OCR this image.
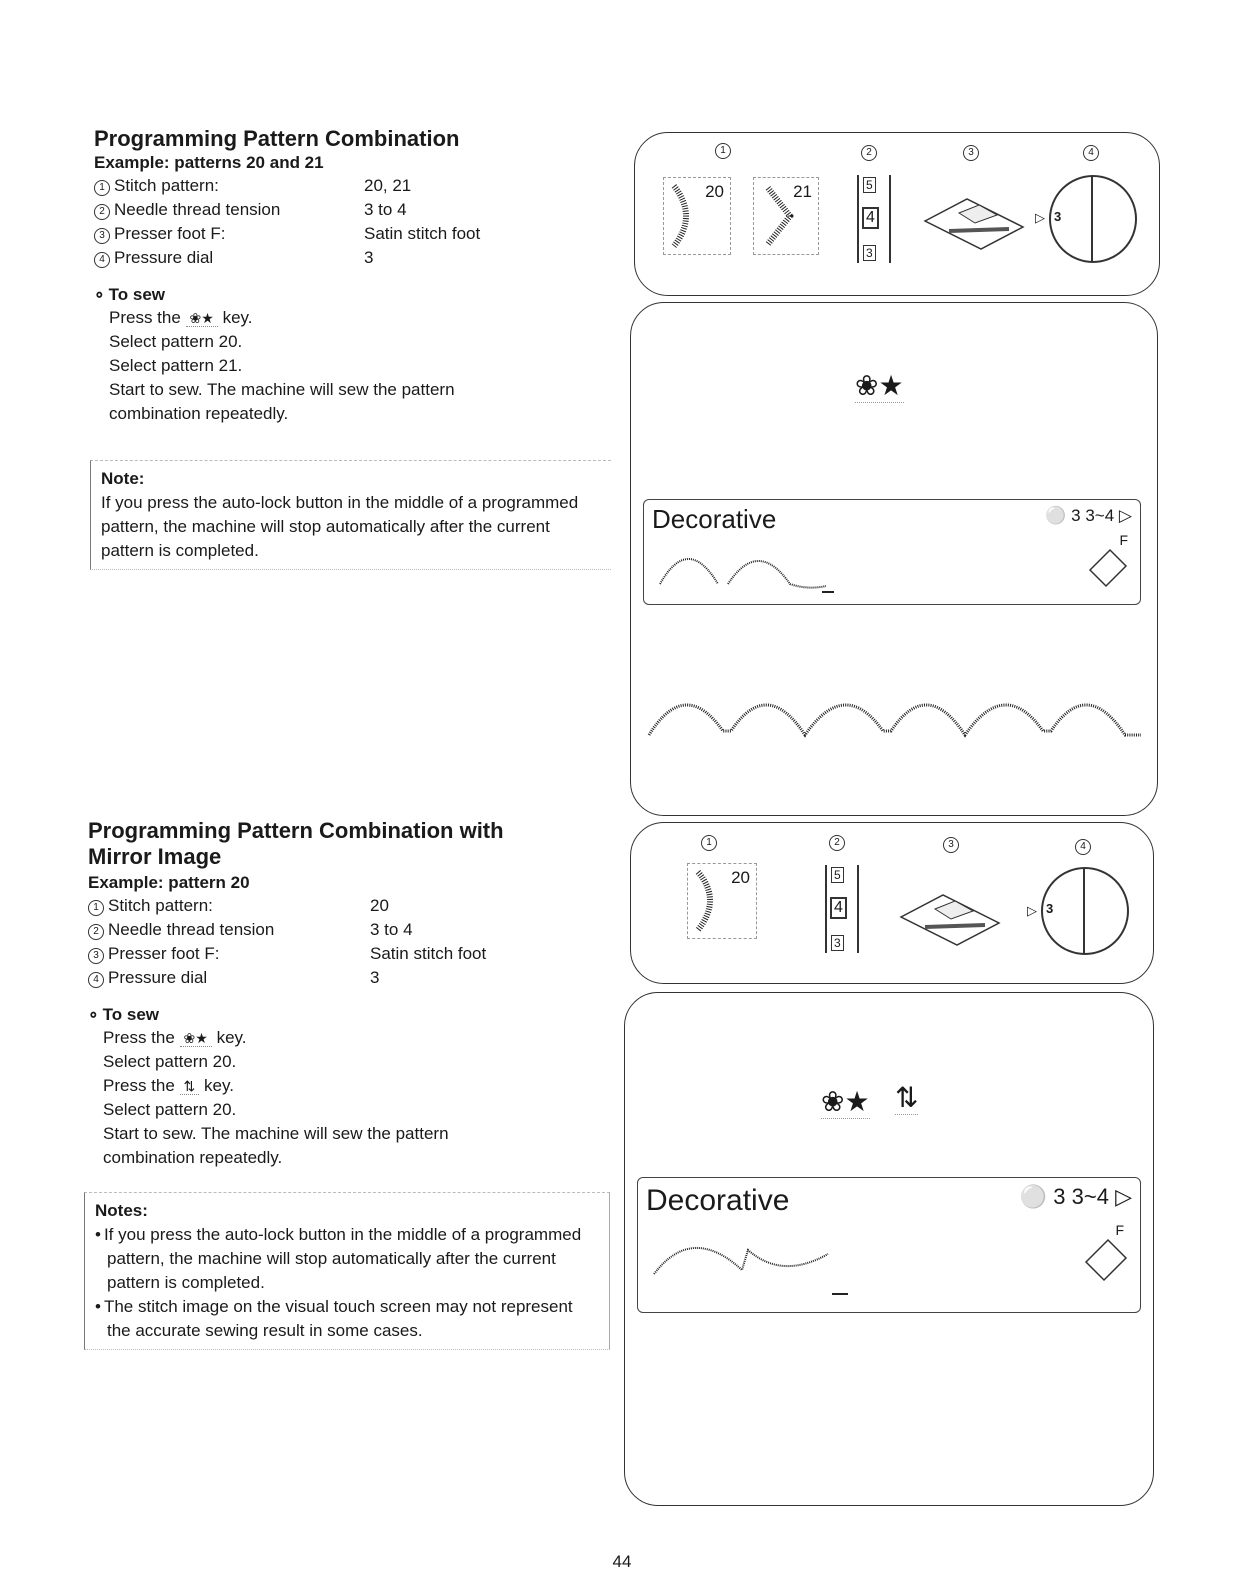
Programming Pattern Combination
Example: patterns 20 and 21
1 Stitch pattern:	20, 21
2 Needle thread tension	3 to 4
3 Presser foot F:	Satin stitch foot
4 Pressure dial	3
∘ To sew
Press the ❀★ key.
Select pattern 20.
Select pattern 21.
Start to sew. The machine will sew the pattern combination repeatedly.
Note:
If you press the auto-lock button in the middle of a programmed pattern, the machine will stop automatically after the current pattern is completed.
Programming Pattern Combination with Mirror Image
Example: pattern 20
1 Stitch pattern:	20
2 Needle thread tension	3 to 4
3 Presser foot F:	Satin stitch foot
4 Pressure dial	3
∘ To sew
Press the ❀★ key.
Select pattern 20.
Press the ⇅ key.
Select pattern 20.
Start to sew. The machine will sew the pattern combination repeatedly.
Notes:
• If you press the auto-lock button in the middle of a programmed pattern, the machine will stop automatically after the current pattern is completed.
• The stitch image on the visual touch screen may not represent the accurate sewing result in some cases.
1	2	3	4
20	21	5
4
3
▷ 3
❀★
Decorative	⚪ 3 3~4 ▷
F
1	2	3	4
20	5
4
3
▷ 3
❀★ ⇅
Decorative	⚪ 3 3~4 ▷
F
44
